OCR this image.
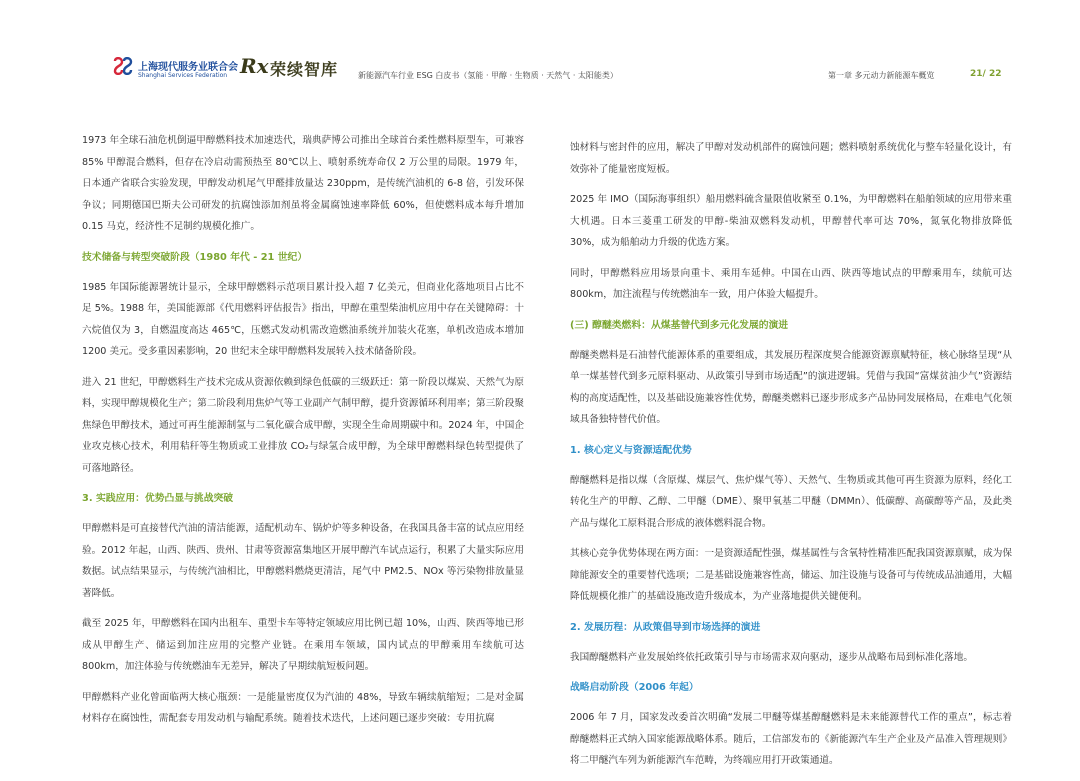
上海现代服务业联合会
Shanghai Services Federation Rx 荣续智库 新能源汽车行业 ESG 白皮书（氢能 · 甲醇 · 生物质 · 天然气 · 太阳能类）	第一章 多元动力新能源车概览	21/ 22
1973 年全球石油危机倒逼甲醇燃料技术加速迭代，瑞典萨博公司推出全球首台柔性燃料原型车，可兼容 85% 甲醇混合燃料，但存在冷启动需预热至 80℃以上、喷射系统寿命仅 2 万公里的局限。1979 年，日本通产省联合实验发现，甲醇发动机尾气甲醛排放量达 230ppm，是传统汽油机的 6-8 倍，引发环保争议；同期德国巴斯夫公司研发的抗腐蚀添加剂虽将金属腐蚀速率降低 60%，但使燃料成本每升增加 0.15 马克，经济性不足制约规模化推广。
技术储备与转型突破阶段（1980 年代 - 21 世纪）
1985 年国际能源署统计显示，全球甲醇燃料示范项目累计投入超 7 亿美元，但商业化落地项目占比不足 5%。1988 年，美国能源部《代用燃料评估报告》指出，甲醇在重型柴油机应用中存在关键障碍：十六烷值仅为 3，自燃温度高达 465℃，压燃式发动机需改造燃油系统并加装火花塞，单机改造成本增加 1200 美元。受多重因素影响，20 世纪末全球甲醇燃料发展转入技术储备阶段。
进入 21 世纪，甲醇燃料生产技术完成从资源依赖到绿色低碳的三级跃迁：第一阶段以煤炭、天然气为原料，实现甲醇规模化生产；第二阶段利用焦炉气等工业副产气制甲醇，提升资源循环利用率；第三阶段聚焦绿色甲醇技术，通过可再生能源制氢与二氧化碳合成甲醇，实现全生命周期碳中和。2024 年，中国企业攻克核心技术，利用秸秆等生物质或工业排放 CO₂与绿氢合成甲醇，为全球甲醇燃料绿色转型提供了可落地路径。
3. 实践应用：优势凸显与挑战突破
甲醇燃料是可直接替代汽油的清洁能源，适配机动车、锅炉炉等多种设备，在我国具备丰富的试点应用经验。2012 年起，山西、陕西、贵州、甘肃等资源富集地区开展甲醇汽车试点运行，积累了大量实际应用数据。试点结果显示，与传统汽油相比，甲醇燃料燃烧更清洁，尾气中 PM2.5、NOx 等污染物排放量显著降低。
截至 2025 年，甲醇燃料在国内出租车、重型卡车等特定领域应用比例已超 10%，山西、陕西等地已形成从甲醇生产、储运到加注应用的完整产业链。在乘用车领域，国内试点的甲醇乘用车续航可达 800km，加注体验与传统燃油车无差异，解决了早期续航短板问题。
甲醇燃料产业化曾面临两大核心瓶颈：一是能量密度仅为汽油的 48%，导致车辆续航缩短；二是对金属材料存在腐蚀性，需配套专用发动机与输配系统。随着技术迭代，上述问题已逐步突破：专用抗腐
蚀材料与密封件的应用，解决了甲醇对发动机部件的腐蚀问题；燃料喷射系统优化与整车轻量化设计，有效弥补了能量密度短板。
2025 年 IMO（国际海事组织）船用燃料硫含量限值收紧至 0.1%，为甲醇燃料在船舶领域的应用带来重大机遇。日本三菱重工研发的甲醇-柴油双燃料发动机，甲醇替代率可达 70%，氮氧化物排放降低 30%，成为船舶动力升级的优选方案。
同时，甲醇燃料应用场景向重卡、乘用车延伸。中国在山西、陕西等地试点的甲醇乘用车，续航可达 800km，加注流程与传统燃油车一致，用户体验大幅提升。
(三) 醇醚类燃料：从煤基替代到多元化发展的演进
醇醚类燃料是石油替代能源体系的重要组成，其发展历程深度契合能源资源禀赋特征，核心脉络呈现“从单一煤基替代到多元原料驱动、从政策引导到市场适配”的演进逻辑。凭借与我国“富煤贫油少气”资源结构的高度适配性，以及基础设施兼容性优势，醇醚类燃料已逐步形成多产品协同发展格局，在难电气化领域具备独特替代价值。
1. 核心定义与资源适配优势
醇醚燃料是指以煤（含原煤、煤层气、焦炉煤气等）、天然气、生物质或其他可再生资源为原料，经化工转化生产的甲醇、乙醇、二甲醚（DME）、聚甲氧基二甲醚（DMMn）、低碳醇、高碳醇等产品，及此类产品与煤化工原料混合形成的液体燃料混合物。
其核心竞争优势体现在两方面：一是资源适配性强，煤基属性与含氧特性精准匹配我国资源禀赋，成为保障能源安全的重要替代选项；二是基础设施兼容性高，储运、加注设施与设备可与传统成品油通用，大幅降低规模化推广的基础设施改造升级成本，为产业落地提供关键便利。
2. 发展历程：从政策倡导到市场选择的演进
我国醇醚燃料产业发展始终依托政策引导与市场需求双向驱动，逐步从战略布局到标准化落地。
战略启动阶段（2006 年起）
2006 年 7 月，国家发改委首次明确“发展二甲醚等煤基醇醚燃料是未来能源替代工作的重点”，标志着醇醚燃料正式纳入国家能源战略体系。随后，工信部发布的《新能源汽车生产企业及产品准入管理规则》将二甲醚汽车列为新能源汽车范畴，为终端应用打开政策通道。
